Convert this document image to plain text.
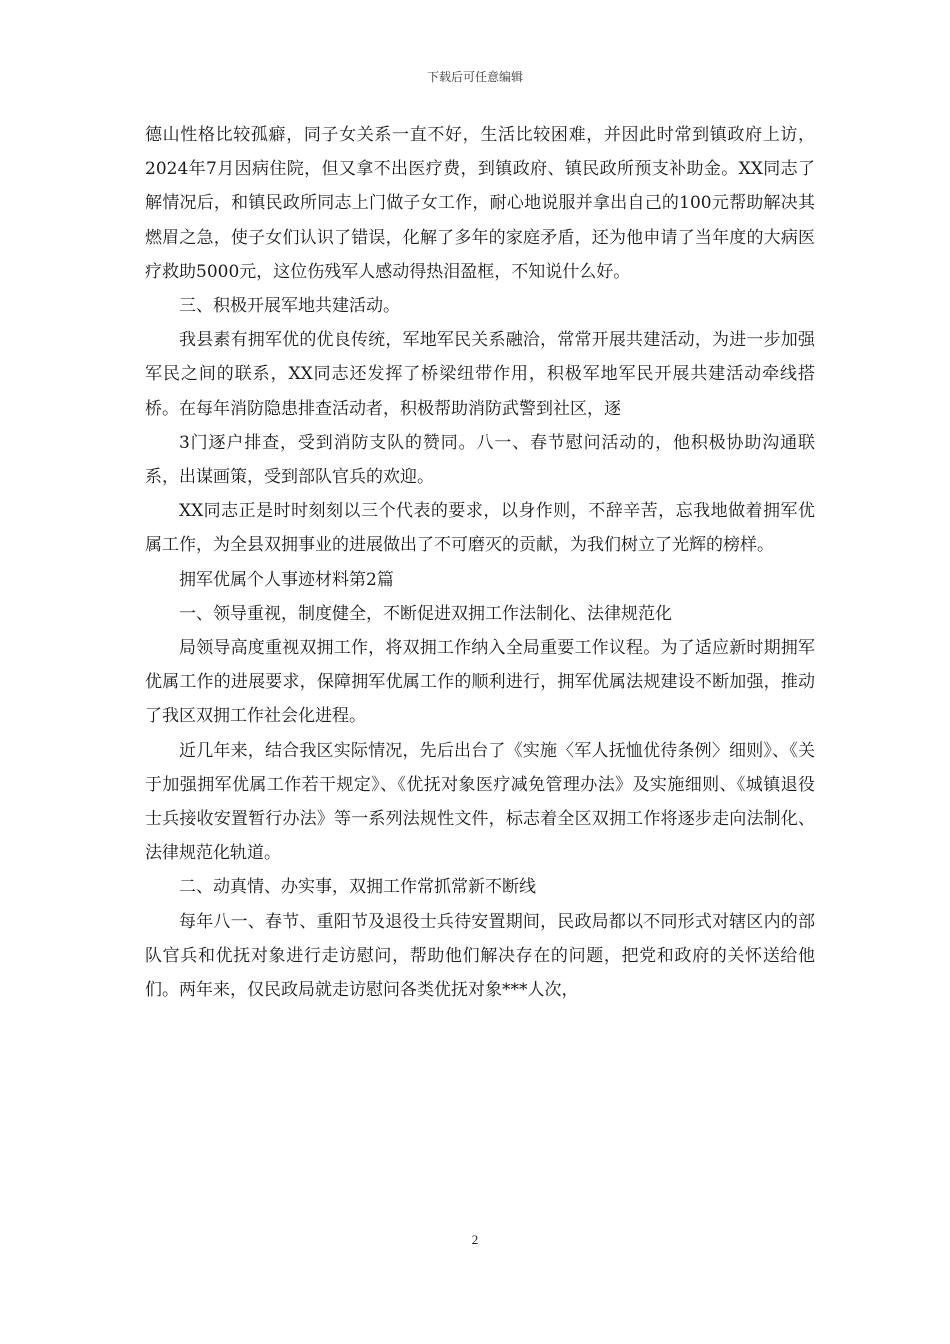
下载后可任意编辑

德山性格比较孤癖，同子女关系一直不好，生活比较困难，并因此时常到镇政府上访，2024年7月因病住院，但又拿不出医疗费，到镇政府、镇民政所预支补助金。XX同志了解情况后，和镇民政所同志上门做子女工作，耐心地说服并拿出自己的100元帮助解决其燃眉之急，使子女们认识了错误，化解了多年的家庭矛盾，还为他申请了当年度的大病医疗救助5000元，这位伤残军人感动得热泪盈框，不知说什么好。

三、积极开展军地共建活动。

我县素有拥军优的优良传统，军地军民关系融洽，常常开展共建活动，为进一步加强军民之间的联系，XX同志还发挥了桥梁纽带作用，积极军地军民开展共建活动牵线搭桥。在每年消防隐患排查活动者，积极帮助消防武警到社区，逐

3门逐户排查，受到消防支队的赞同。八一、春节慰问活动的，他积极协助沟通联系，出谋画策，受到部队官兵的欢迎。

XX同志正是时时刻刻以三个代表的要求，以身作则，不辞辛苦，忘我地做着拥军优属工作，为全县双拥事业的进展做出了不可磨灭的贡献，为我们树立了光辉的榜样。

拥军优属个人事迹材料第2篇

一、领导重视，制度健全，不断促进双拥工作法制化、法律规范化

局领导高度重视双拥工作，将双拥工作纳入全局重要工作议程。为了适应新时期拥军优属工作的进展要求，保障拥军优属工作的顺利进行，拥军优属法规建设不断加强，推动了我区双拥工作社会化进程。

近几年来，结合我区实际情况，先后出台了《实施〈军人抚恤优待条例〉细则》、《关于加强拥军优属工作若干规定》、《优抚对象医疗减免管理办法》及实施细则、《城镇退役士兵接收安置暂行办法》等一系列法规性文件，标志着全区双拥工作将逐步走向法制化、法律规范化轨道。

二、动真情、办实事，双拥工作常抓常新不断线

每年八一、春节、重阳节及退役士兵待安置期间，民政局都以不同形式对辖区内的部队官兵和优抚对象进行走访慰问，帮助他们解决存在的问题，把党和政府的关怀送给他们。两年来，仅民政局就走访慰问各类优抚对象***人次，

2
